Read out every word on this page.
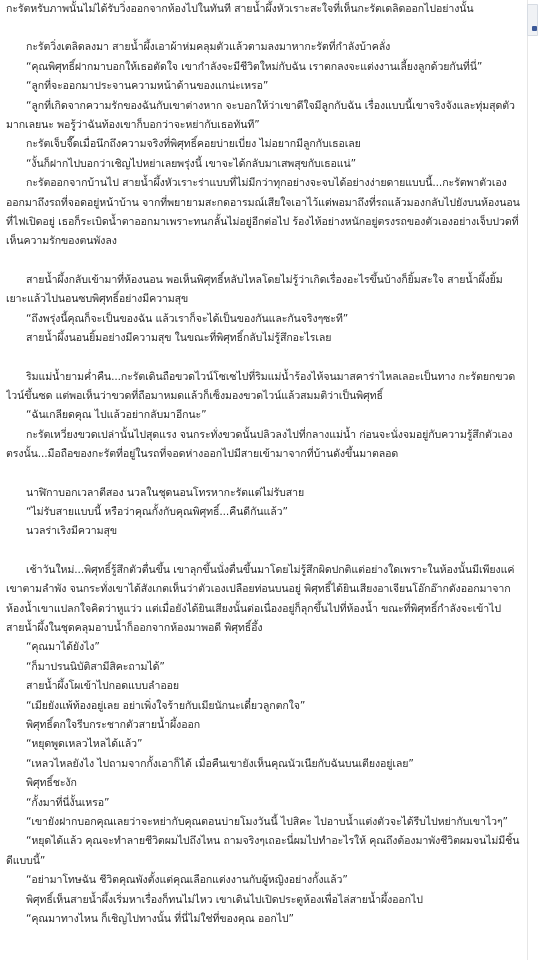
กะรัตหรับภาพนั้นไม่ได้รับวิ่งออกจากห้องไปในทันที สายน้ำผึ้งหัวเราะสะใจที่เห็นกะรัตเดลิดออกไปอย่างนั้น

กะรัตวิ่งเตลิดลงมา สายน้ำผึ้งเอาผ้าห่มคลุมตัวแล้วตามลงมาหากะรัตที่กำลังบ้าคลั่ง

“คุณพิศุทธิ์ฝากมาบอกให้เธอตัดใจ เขากำลังจะมีชีวิตใหม่กับฉัน เราตกลงจะแต่งงานเลี้ยงลูกด้วยกันที่นี่”

“ลูกที่จะออกมาประจานความหน้าด้านของแกน่ะเหรอ”

“ลูกที่เกิดจากความรักของฉันกับเขาต่างหาก จะบอกให้ว่าเขาดีใจมีลูกกับฉัน เรื่องแบบนี้เขาจริงจังและทุ่มสุดตัวมากเลยนะ พอรู้ว่าฉันท้องเขาก็บอกว่าจะหย่ากับเธอทันที”

กะรัตเจ็บจี๊ดเมื่อนึกถึงความจริงที่พิศุทธิ์คอยบ่ายเบี่ยง ไม่อยากมีลูกกับเธอเลย

“งั้นก็ฝากไปบอกว่าเชิญไปหย่าเลยพรุ่งนี้ เขาจะได้กลับมาเสพสุขกับเธอแน่”

กะรัตออกจากบ้านไป สายน้ำผึ้งหัวเราะร่าแบบที่ไม่มีกว่าทุกอย่างจะจบได้อย่างง่ายดายแบบนี้...กะรัตพาตัวเองออกมาถึงรถที่จอดอยู่หน้าบ้าน จากที่พยายามสะกดอารมณ์เสียใจเอาไว้แต่พอมาถึงที่รถแล้วมองกลับไปยังบนห้องนอนที่ไฟเปิดอยู่ เธอก็ระเบิดน้ำตาออกมาเพราะทนกลั้นไม่อยู่อีกต่อไป ร้องไห้อย่างหนักอยู่ตรงรถของตัวเองอย่างเจ็บปวดที่เห็นความรักของตนพังลง

สายน้ำผึ้งกลับเข้ามาที่ห้องนอน พอเห็นพิศุทธิ์หลับไหลโดยไม่รู้ว่าเกิดเรื่องอะไรขึ้นบ้างก็ยิ้มสะใจ สายน้ำผึ้งยิ้มเยาะแล้วไปนอนซบพิศุทธิ์อย่างมีความสุข

“ถึงพรุ่งนี้คุณก็จะเป็นของฉัน แล้วเราก็จะได้เป็นของกันและกันจริงๆซะที”

สายน้ำผึ้งนอนยิ้มอย่างมีความสุข ในขณะที่พิศุทธิ์กลับไม่รู้สึกอะไรเลย

ริมแม่น้ำยามค่ำคืน...กะรัตเดินถือขวดไวน์โซเซไปที่ริมแม่น้ำร้องไห้จนมาสคาร่าไหลเลอะเป็นทาง กะรัตยกขวดไวน์ขึ้นซด แต่พอเห็นว่าขวดที่ถือมาหมดแล้วก็เซ็งมองขวดไวน์แล้วสมมติว่าเป็นพิศุทธิ์

“ฉันเกลียดคุณ ไปแล้วอย่ากลับมาอีกนะ”

กะรัตเหวี่ยงขวดเปล่านั้นไปสุดแรง จนกระทั่งขวดนั้นปลิวลงไปที่กลางแม่น้ำ ก่อนจะนั่งจมอยู่กับความรู้สึกตัวเองตรงนั้น...มือถือของกะรัตที่อยู่ในรถที่จอดห่างออกไปมีสายเข้ามาจากที่บ้านดังขึ้นมาตลอด

นาฬิกาบอกเวลาตีสอง นวลในชุดนอนโทรหากะรัตแต่ไม่รับสาย

“ไม่รับสายแบบนี้ หรือว่าคุณกั้งกับคุณพิศุทธิ์...คืนดีกันแล้ว”

นวลร่าเริงมีความสุข

เช้าวันใหม่...พิศุทธิ์รู้สึกตัวตื่นขึ้น เขาลุกขึ้นนั่งตื่นขึ้นมาโดยไม่รู้สึกผิดปกติแต่อย่างใดเพราะในห้องนั้นมีเพียงแค่เขาตามลำพัง จนกระทั่งเขาได้สังเกตเห็นว่าตัวเองเปลือยท่อนบนอยู่ พิศุทธิ์ได้ยินเสียงอาเจียนโอ๊กอ๊ากดังออกมาจากห้องน้ำเขาแปลกใจคิดว่าหูแว่ว แต่เมื่อยังได้ยินเสียงนั้นต่อเนื่องอยู่ก็ลุกขึ้นไปที่ห้องน้ำ ขณะที่พิศุทธิ์กำลังจะเข้าไป สายน้ำผึ้งในชุดคลุมอาบน้ำก็ออกจากห้องมาพอดี พิศุทธิ์อึ้ง

“คุณมาได้ยังไง”

“ก็มาปรนนิบัติสามีสิคะถามได้”

สายน้ำผึ้งโผเข้าไปกอดแบบลำออย

“เมียยังแพ้ท้องอยู่เลย อย่าเพิ่งใจร้ายกับเมียนักนะเดี๋ยวลูกตกใจ”

พิศุทธิ์ตกใจรีบกระชากตัวสายน้ำผึ้งออก

“หยุดพูดเหลวไหลได้แล้ว”

“เหลวไหลยังไง ไปถามจากกั้งเอาก็ได้ เมื่อคืนเขายังเห็นคุณนัวเนียกับฉันบนเตียงอยู่เลย”

พิศุทธิ์ชะงัก

“กั้งมาที่นี่งั้นเหรอ”

“เขายังฝากบอกคุณเลยว่าจะหย่ากับคุณตอนบ่ายโมงวันนี้ ไปสิคะ ไปอาบน้ำแต่งตัวจะได้รีบไปหย่ากับเขาไวๆ”

“หยุดได้แล้ว คุณจะทำลายชีวิตผมไปถึงไหน ถามจริงๆเถอะนี่ผมไปทำอะไรให้ คุณถึงต้องมาพังชีวิตผมจนไม่มีชิ้นดีแบบนี้”

“อย่ามาโทษฉัน ชีวิตคุณพังตั้งแต่คุณเลือกแต่งงานกับผู้หญิงอย่างกั้งแล้ว”

พิศุทธิ์เห็นสายน้ำผึ้งเริ่มหาเรื่องก็ทนไม่ไหว เขาเดินไปเปิดประตูห้องเพื่อไล่สายน้ำผึ้งออกไป

“คุณมาทางไหน ก็เชิญไปทางนั้น ที่นี่ไม่ใช่ที่ของคุณ ออกไป”
